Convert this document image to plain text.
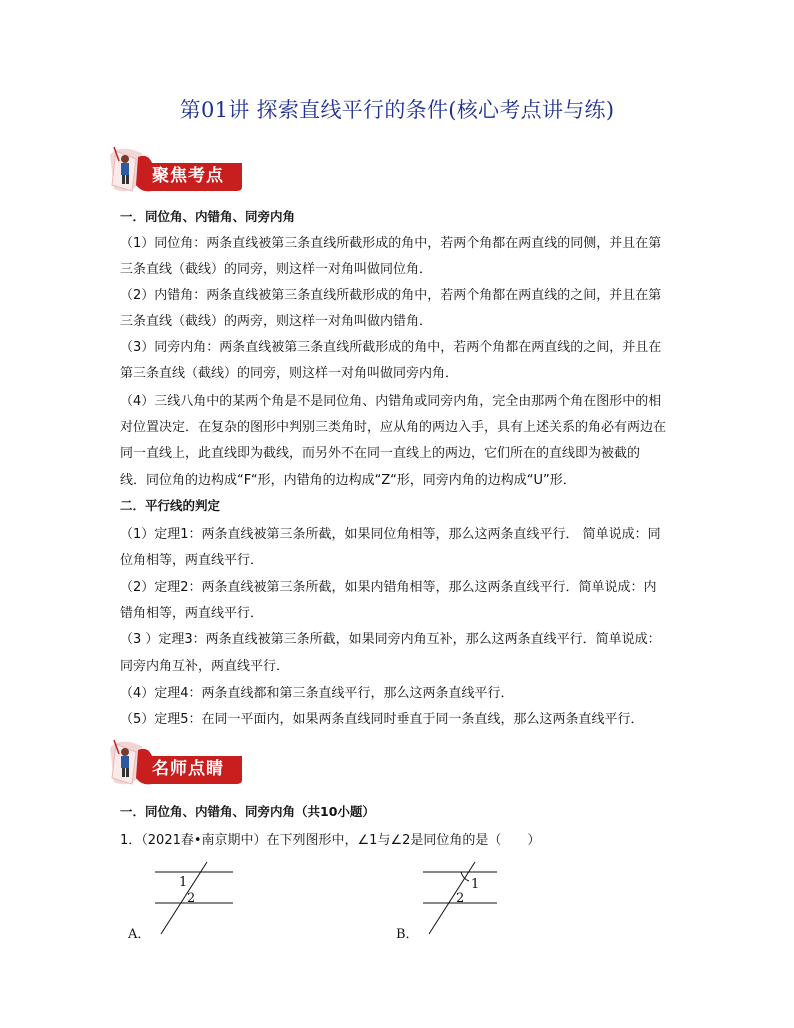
第01讲 探索直线平行的条件(核心考点讲与练)
聚焦考点
一．同位角、内错角、同旁内角
（1）同位角：两条直线被第三条直线所截形成的角中，若两个角都在两直线的同侧，并且在第
三条直线（截线）的同旁，则这样一对角叫做同位角．
（2）内错角：两条直线被第三条直线所截形成的角中，若两个角都在两直线的之间，并且在第
三条直线（截线）的两旁，则这样一对角叫做内错角．
（3）同旁内角：两条直线被第三条直线所截形成的角中，若两个角都在两直线的之间，并且在
第三条直线（截线）的同旁，则这样一对角叫做同旁内角．
（4）三线八角中的某两个角是不是同位角、内错角或同旁内角，完全由那两个角在图形中的相
对位置决定．在复杂的图形中判别三类角时，应从角的两边入手，具有上述关系的角必有两边在
同一直线上，此直线即为截线，而另外不在同一直线上的两边，它们所在的直线即为被截的
线．同位角的边构成“F“形，内错角的边构成“Z“形，同旁内角的边构成“U”形．
二．平行线的判定
（1）定理1：两条直线被第三条所截，如果同位角相等，那么这两条直线平行． 简单说成：同
位角相等，两直线平行．
（2）定理2：两条直线被第三条所截，如果内错角相等，那么这两条直线平行．简单说成：内
错角相等，两直线平行．
（3 ）定理3：两条直线被第三条所截，如果同旁内角互补，那么这两条直线平行．简单说成：
同旁内角互补，两直线平行．
（4）定理4：两条直线都和第三条直线平行，那么这两条直线平行．
（5）定理5：在同一平面内，如果两条直线同时垂直于同一条直线，那么这两条直线平行．
名师点睛
一．同位角、内错角、同旁内角（共10小题）
1．（2021春•南京期中）在下列图形中，∠1与∠2是同位角的是（　　）
1
2
A．
1
2
B．
